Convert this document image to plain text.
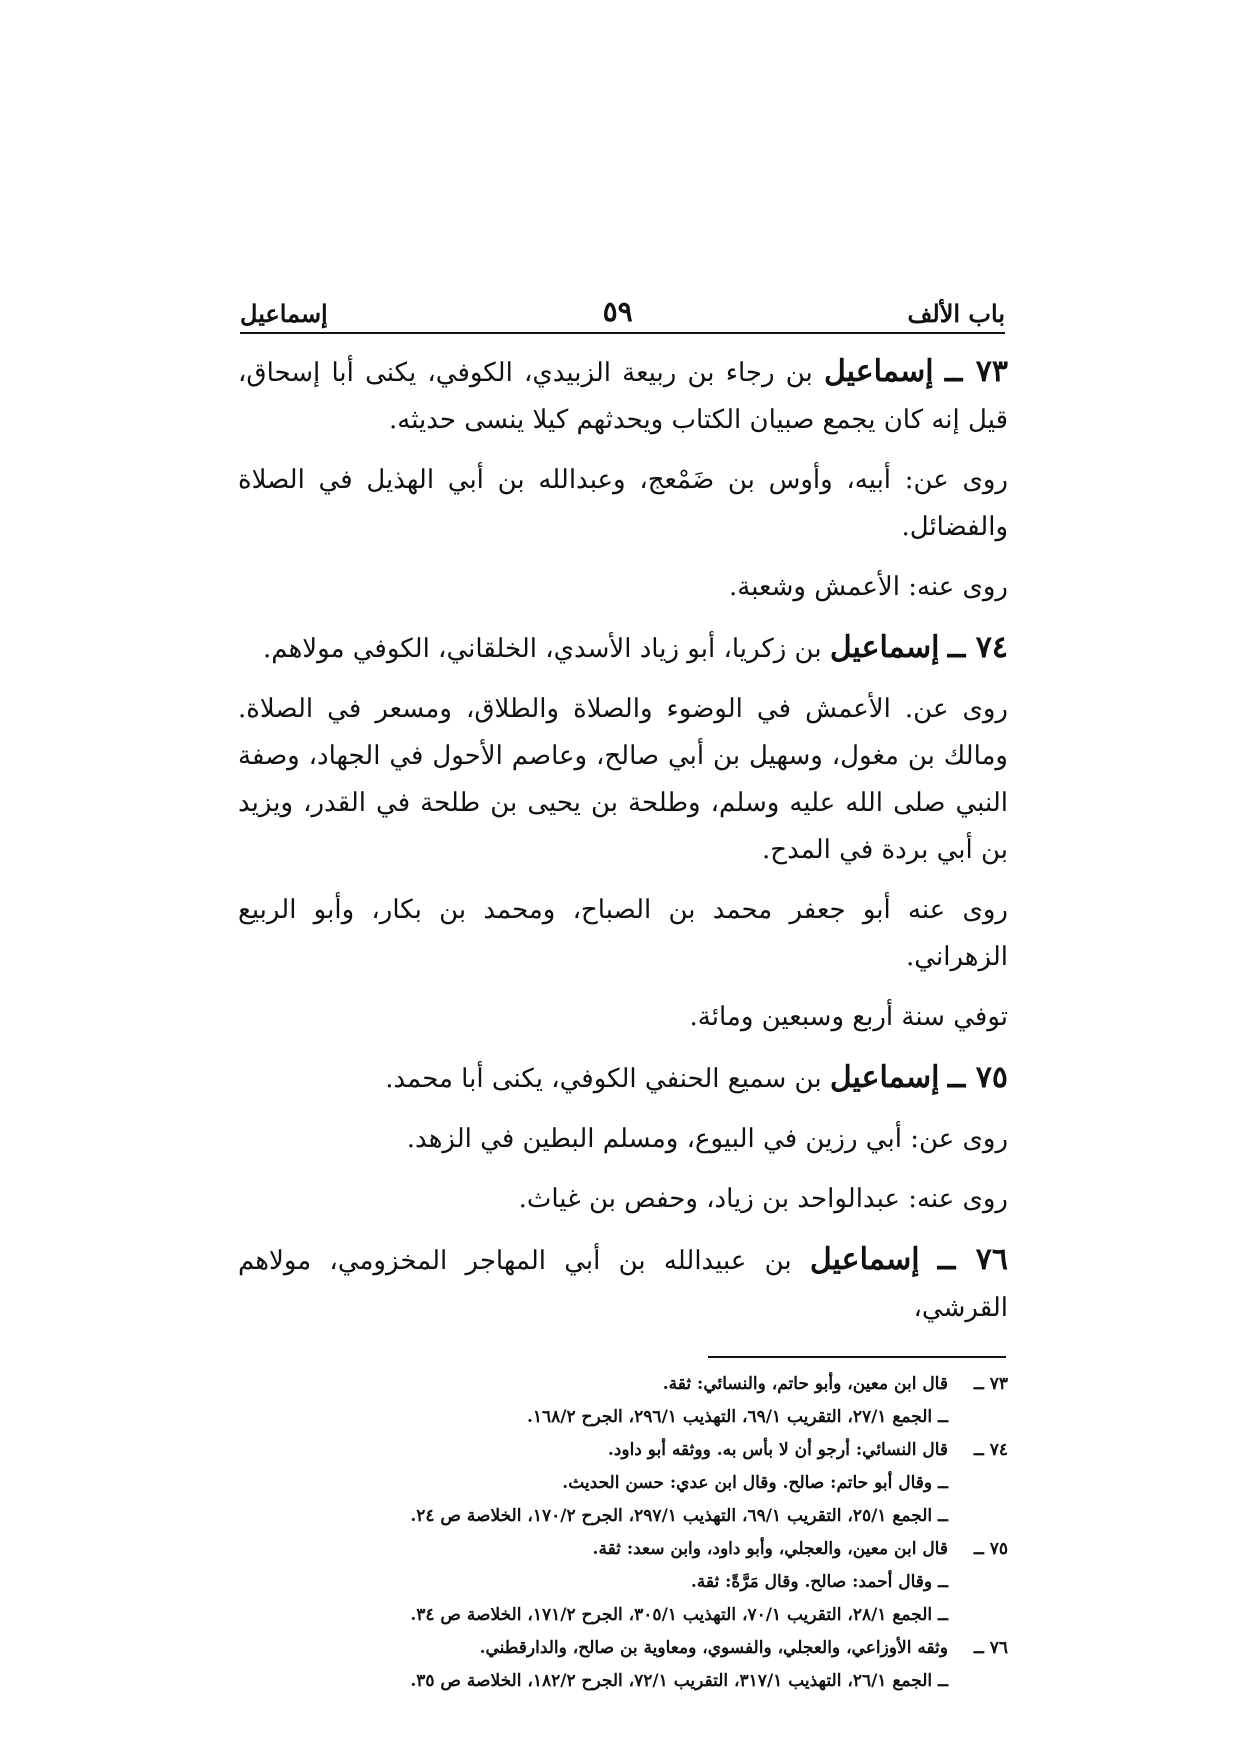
باب الألف
٥٩
إسماعيل

٧٣ ــ إسماعيل بن رجاء بن ربيعة الزبيدي، الكوفي، يكنى أبا إسحاق، قيل إنه كان يجمع صبيان الكتاب ويحدثهم كيلا ينسى حديثه.

روى عن: أبيه، وأوس بن ضَمْعج، وعبدالله بن أبي الهذيل في الصلاة والفضائل.

روى عنه: الأعمش وشعبة.

٧٤ ــ إسماعيل بن زكريا، أبو زياد الأسدي، الخلقاني، الكوفي مولاهم.

روى عن. الأعمش في الوضوء والصلاة والطلاق، ومسعر في الصلاة. ومالك بن مغول، وسهيل بن أبي صالح، وعاصم الأحول في الجهاد، وصفة النبي صلى الله عليه وسلم، وطلحة بن يحيى بن طلحة في القدر، ويزيد بن أبي بردة في المدح.

روى عنه أبو جعفر محمد بن الصباح، ومحمد بن بكار، وأبو الربيع الزهراني.

توفي سنة أربع وسبعين ومائة.

٧٥ ــ إسماعيل بن سميع الحنفي الكوفي، يكنى أبا محمد.

روى عن: أبي رزين في البيوع، ومسلم البطين في الزهد.

روى عنه: عبدالواحد بن زياد، وحفص بن غياث.

٧٦ ــ إسماعيل بن عبيدالله بن أبي المهاجر المخزومي، مولاهم القرشي،

٧٣ ــقال ابن معين، وأبو حاتم، والنسائي: ثقة.
ــ الجمع ٢٧/١، التقريب ٦٩/١، التهذيب ٢٩٦/١، الجرح ١٦٨/٢.
٧٤ ــقال النسائي: أرجو أن لا بأس به. ووثقه أبو داود.
ــ وقال أبو حاتم: صالح. وقال ابن عدي: حسن الحديث.
ــ الجمع ٢٥/١، التقريب ٦٩/١، التهذيب ٢٩٧/١، الجرح ١٧٠/٢، الخلاصة ص ٢٤.
٧٥ ــقال ابن معين، والعجلي، وأبو داود، وابن سعد: ثقة.
ــ وقال أحمد: صالح. وقال مَرَّةً: ثقة.
ــ الجمع ٢٨/١، التقريب ٧٠/١، التهذيب ٣٠٥/١، الجرح ١٧١/٢، الخلاصة ص ٣٤.
٧٦ ــوثقه الأوزاعي، والعجلي، والفسوي، ومعاوية بن صالح، والدارقطني.
ــ الجمع ٢٦/١، التهذيب ٣١٧/١، التقريب ٧٢/١، الجرح ١٨٢/٢، الخلاصة ص ٣٥.
